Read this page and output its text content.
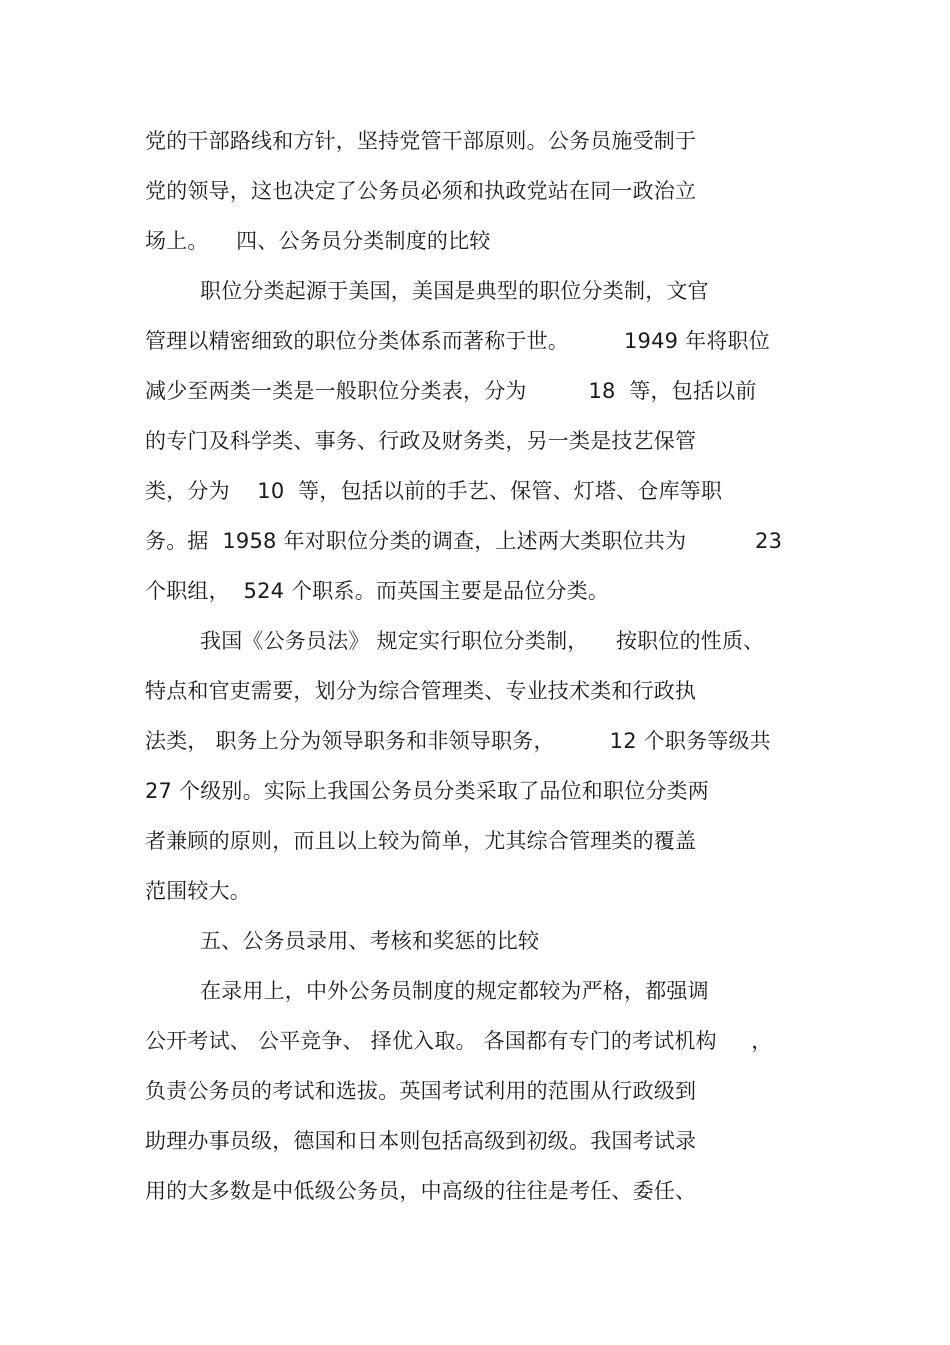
党的干部路线和方针，坚持党管干部原则。公务员施受制于
党的领导，这也决定了公务员必须和执政党站在同一政治立
场上。    四、公务员分类制度的比较
职位分类起源于美国，美国是典型的职位分类制，文官
管理以精密细致的职位分类体系而著称于世。        1949 年将职位
减少至两类一类是一般职位分类表，分为         18  等，包括以前
的专门及科学类、事务、行政及财务类，另一类是技艺保管
类，分为    10  等，包括以前的手艺、保管、灯塔、仓库等职
务。据  1958 年对职位分类的调查，上述两大类职位共为          23
个职组，  524 个职系。而英国主要是品位分类。
我国《公务员法》 规定实行职位分类制，    按职位的性质、
特点和官吏需要，划分为综合管理类、专业技术类和行政执
法类， 职务上分为领导职务和非领导职务，        12 个职务等级共
27 个级别。实际上我国公务员分类采取了品位和职位分类两
者兼顾的原则，而且以上较为简单，尤其综合管理类的覆盖
范围较大。
五、公务员录用、考核和奖惩的比较
在录用上，中外公务员制度的规定都较为严格，都强调
公开考试、 公平竞争、 择优入取。 各国都有专门的考试机构     ，
负责公务员的考试和选拔。英国考试利用的范围从行政级到
助理办事员级，德国和日本则包括高级到初级。我国考试录
用的大多数是中低级公务员，中高级的往往是考任、委任、
